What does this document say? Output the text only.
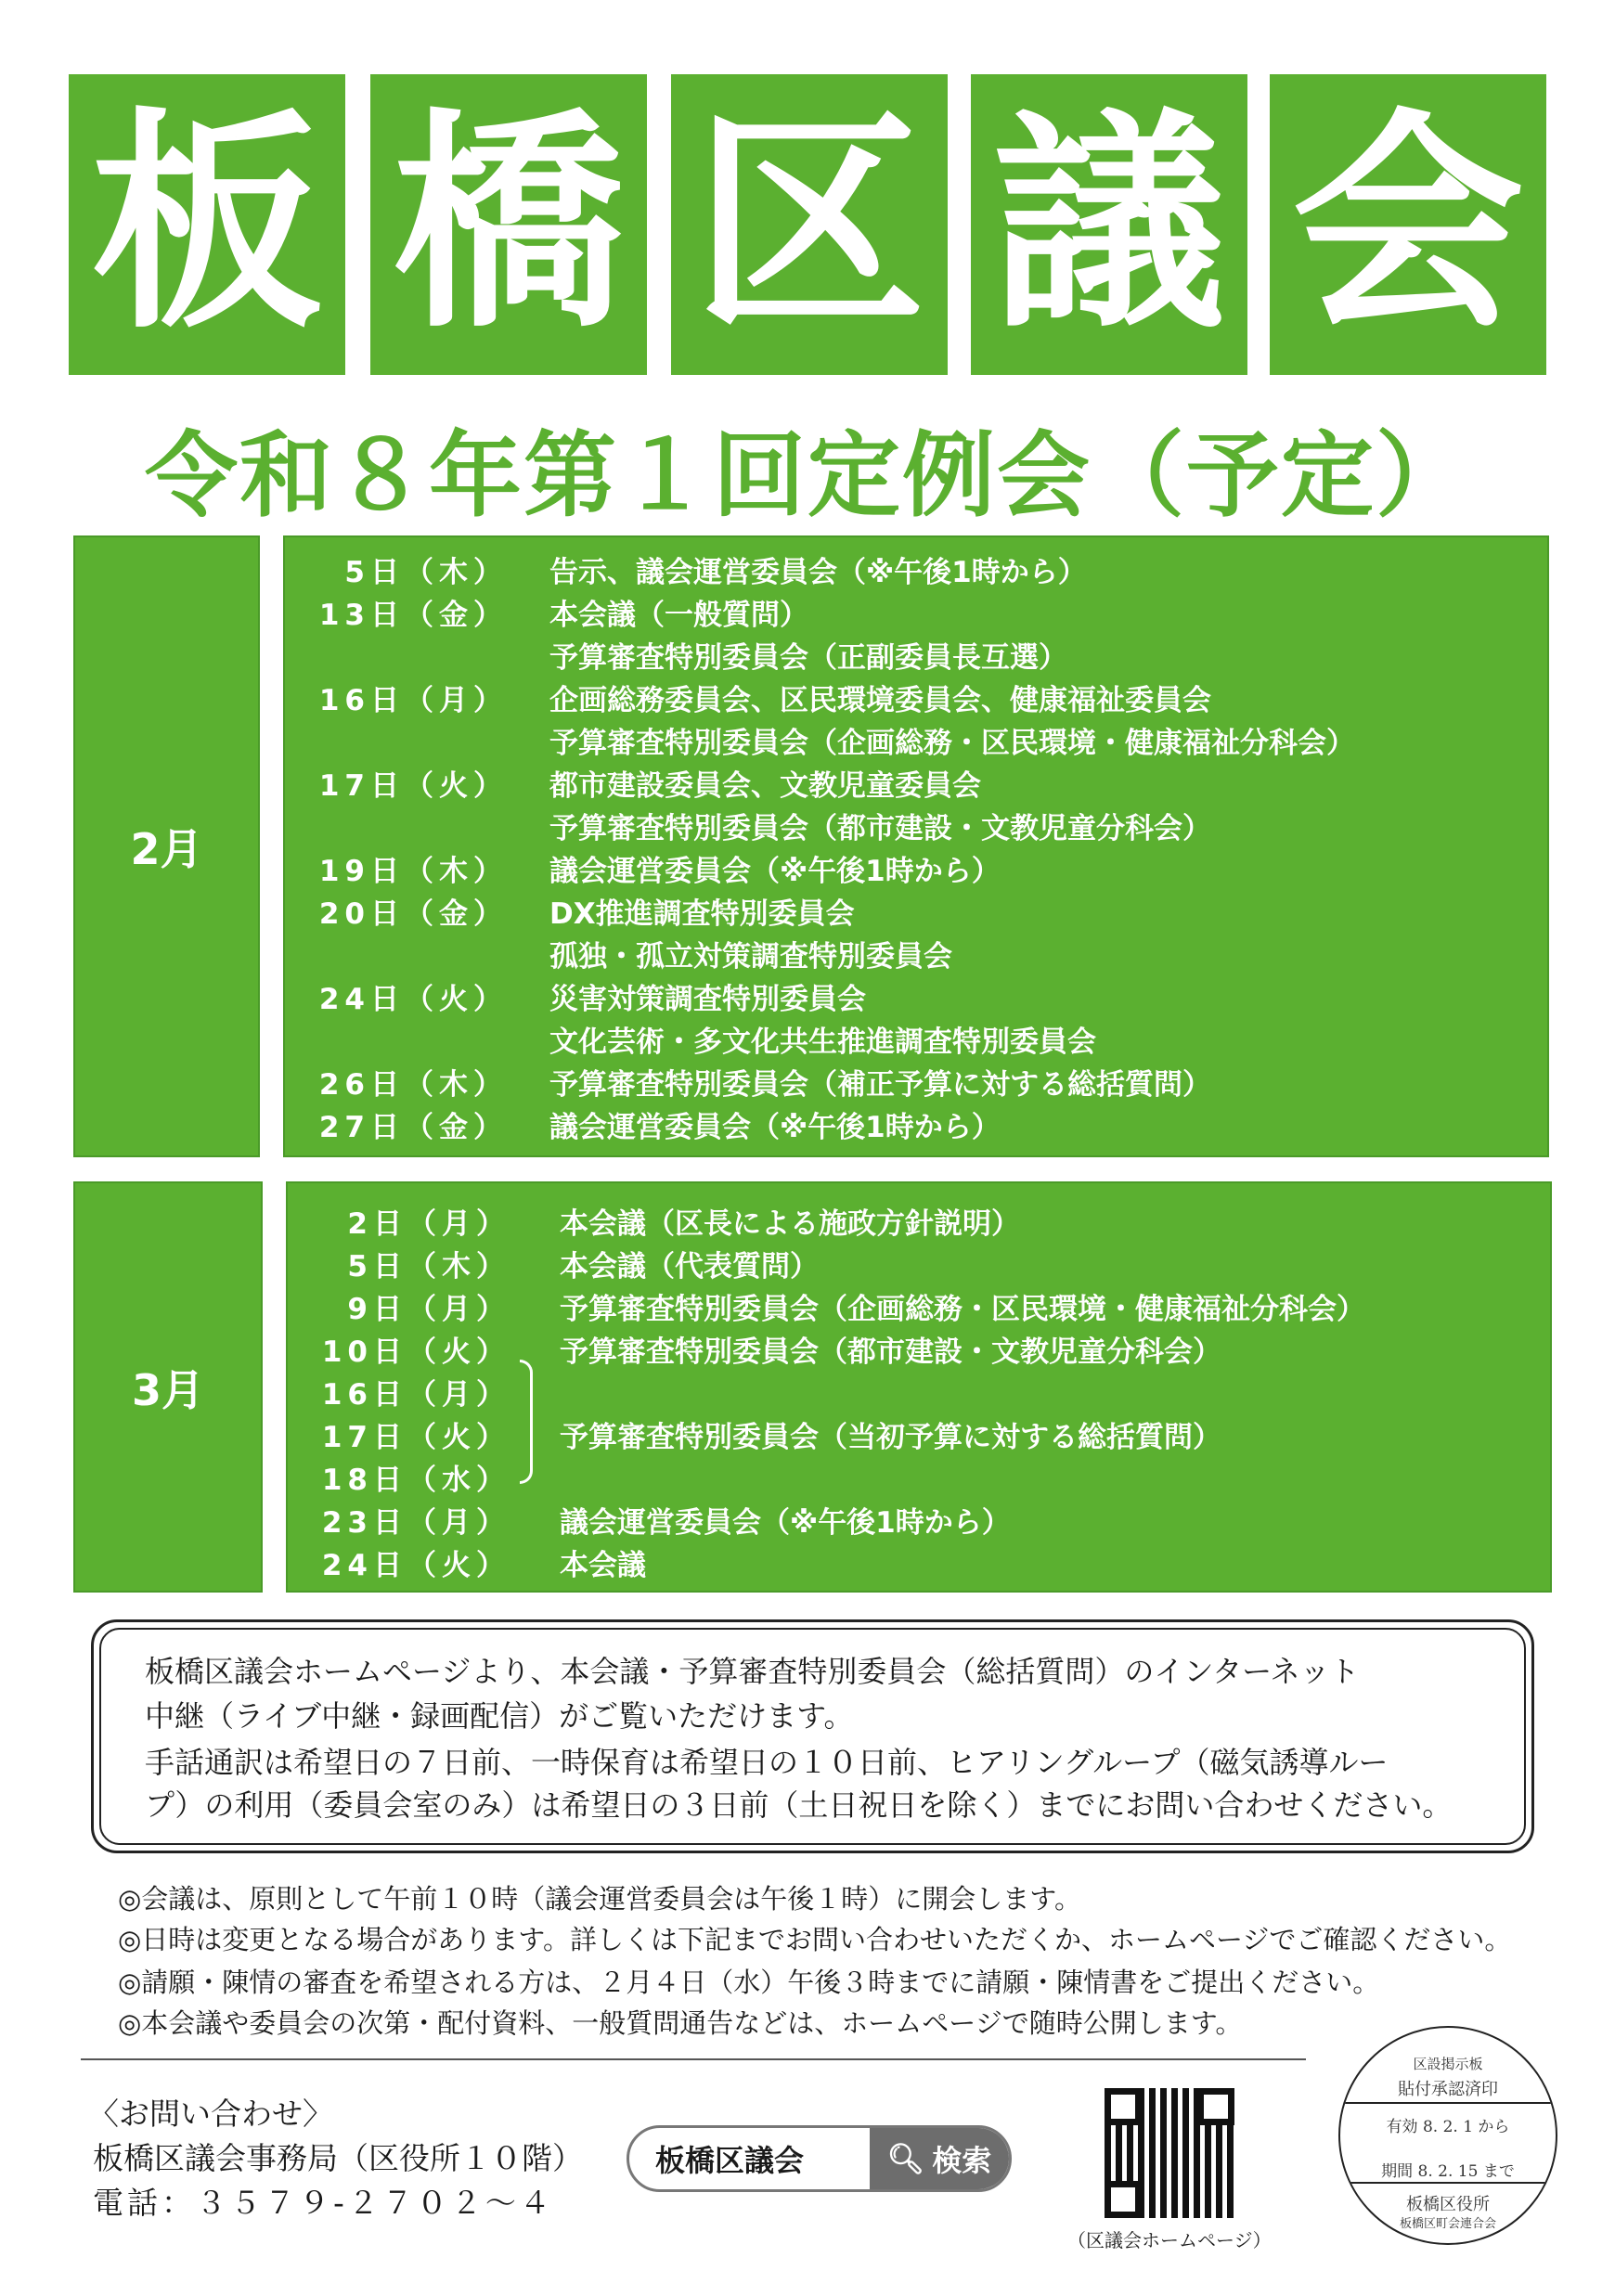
板 橋 区 議 会
令和８年第１回定例会（予定）
2月
5日（木） 告示、議会運営委員会（※午後1時から）
13日（金） 本会議（一般質問）
予算審査特別委員会（正副委員長互選）
16日（月） 企画総務委員会、区民環境委員会、健康福祉委員会
予算審査特別委員会（企画総務・区民環境・健康福祉分科会）
17日（火） 都市建設委員会、文教児童委員会
予算審査特別委員会（都市建設・文教児童分科会）
19日（木） 議会運営委員会（※午後1時から）
20日（金） DX推進調査特別委員会
孤独・孤立対策調査特別委員会
24日（火） 災害対策調査特別委員会
文化芸術・多文化共生推進調査特別委員会
26日（木） 予算審査特別委員会（補正予算に対する総括質問）
27日（金） 議会運営委員会（※午後1時から）
3月
2日（月） 本会議（区長による施政方針説明）
5日（木） 本会議（代表質問）
9日（月） 予算審査特別委員会（企画総務・区民環境・健康福祉分科会）
10日（火） 予算審査特別委員会（都市建設・文教児童分科会）
16日（月）
17日（火） 予算審査特別委員会（当初予算に対する総括質問）
18日（水）
23日（月） 議会運営委員会（※午後1時から）
24日（火） 本会議
板橋区議会ホームページより、本会議・予算審査特別委員会（総括質問）のインターネット
中継（ライブ中継・録画配信）がご覧いただけます。
手話通訳は希望日の７日前、一時保育は希望日の１０日前、ヒアリングループ（磁気誘導ルー
プ）の利用（委員会室のみ）は希望日の３日前（土日祝日を除く）までにお問い合わせください。
◎会議は、原則として午前１０時（議会運営委員会は午後１時）に開会します。
◎日時は変更となる場合があります。詳しくは下記までお問い合わせいただくか、ホームページでご確認ください。
◎請願・陳情の審査を希望される方は、２月４日（水）午後３時までに請願・陳情書をご提出ください。
◎本会議や委員会の次第・配付資料、一般質問通告などは、ホームページで随時公開します。
〈お問い合わせ〉
板橋区議会事務局（区役所１０階）
電話：３５７９-２７０２～４
板橋区議会	🔍︎ 検索
（区議会ホームページ）
区設掲示板
貼付承認済印
有効 8. 2. 1 から
期間 8. 2. 15 まで
板橋区役所
板橋区町会連合会
